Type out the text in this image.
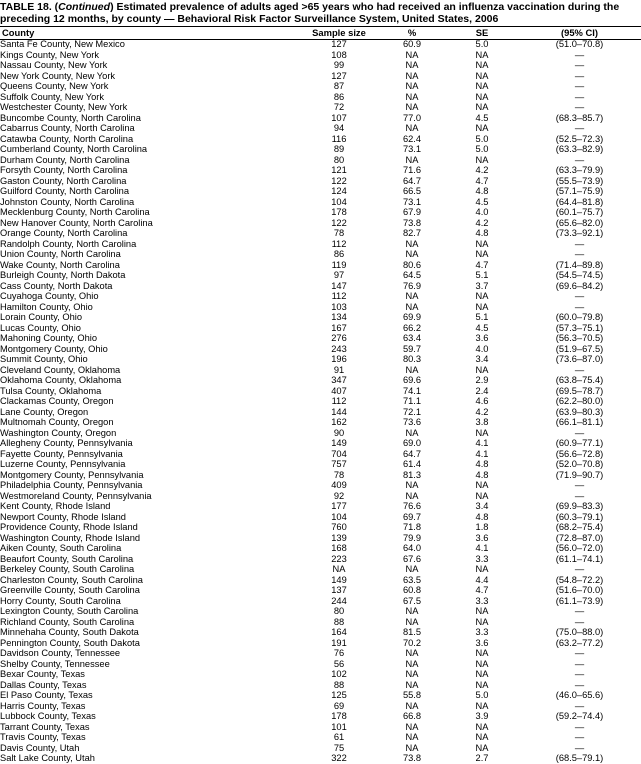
TABLE 18. (Continued) Estimated prevalence of adults aged >65 years who had received an influenza vaccination during the
preceding 12 months, by county — Behavioral Risk Factor Surveillance System, United States, 2006
County	Sample size	%	SE	(95% CI)
Santa Fe County, New Mexico	127	60.9	5.0	(51.0–70.8)
Kings County, New York	108	NA	NA	—
Nassau County, New York	99	NA	NA	—
New York County, New York	127	NA	NA	—
Queens County, New York	87	NA	NA	—
Suffolk County, New York	86	NA	NA	—
Westchester County, New York	72	NA	NA	—
Buncombe County, North Carolina	107	77.0	4.5	(68.3–85.7)
Cabarrus County, North Carolina	94	NA	NA	—
Catawba County, North Carolina	116	62.4	5.0	(52.5–72.3)
Cumberland County, North Carolina	89	73.1	5.0	(63.3–82.9)
Durham County, North Carolina	80	NA	NA	—
Forsyth County, North Carolina	121	71.6	4.2	(63.3–79.9)
Gaston County, North Carolina	122	64.7	4.7	(55.5–73.9)
Guilford County, North Carolina	124	66.5	4.8	(57.1–75.9)
Johnston County, North Carolina	104	73.1	4.5	(64.4–81.8)
Mecklenburg County, North Carolina	178	67.9	4.0	(60.1–75.7)
New Hanover County, North Carolina	122	73.8	4.2	(65.6–82.0)
Orange County, North Carolina	78	82.7	4.8	(73.3–92.1)
Randolph County, North Carolina	112	NA	NA	—
Union County, North Carolina	86	NA	NA	—
Wake County, North Carolina	119	80.6	4.7	(71.4–89.8)
Burleigh County, North Dakota	97	64.5	5.1	(54.5–74.5)
Cass County, North Dakota	147	76.9	3.7	(69.6–84.2)
Cuyahoga County, Ohio	112	NA	NA	—
Hamilton County, Ohio	103	NA	NA	—
Lorain County, Ohio	134	69.9	5.1	(60.0–79.8)
Lucas County, Ohio	167	66.2	4.5	(57.3–75.1)
Mahoning County, Ohio	276	63.4	3.6	(56.3–70.5)
Montgomery County, Ohio	243	59.7	4.0	(51.9–67.5)
Summit County, Ohio	196	80.3	3.4	(73.6–87.0)
Cleveland County, Oklahoma	91	NA	NA	—
Oklahoma County, Oklahoma	347	69.6	2.9	(63.8–75.4)
Tulsa County, Oklahoma	407	74.1	2.4	(69.5–78.7)
Clackamas County, Oregon	112	71.1	4.6	(62.2–80.0)
Lane County, Oregon	144	72.1	4.2	(63.9–80.3)
Multnomah County, Oregon	162	73.6	3.8	(66.1–81.1)
Washington County, Oregon	90	NA	NA	—
Allegheny County, Pennsylvania	149	69.0	4.1	(60.9–77.1)
Fayette County, Pennsylvania	704	64.7	4.1	(56.6–72.8)
Luzerne County, Pennsylvania	757	61.4	4.8	(52.0–70.8)
Montgomery County, Pennsylvania	78	81.3	4.8	(71.9–90.7)
Philadelphia County, Pennsylvania	409	NA	NA	—
Westmoreland County, Pennsylvania	92	NA	NA	—
Kent County, Rhode Island	177	76.6	3.4	(69.9–83.3)
Newport County, Rhode Island	104	69.7	4.8	(60.3–79.1)
Providence County, Rhode Island	760	71.8	1.8	(68.2–75.4)
Washington County, Rhode Island	139	79.9	3.6	(72.8–87.0)
Aiken County, South Carolina	168	64.0	4.1	(56.0–72.0)
Beaufort County, South Carolina	223	67.6	3.3	(61.1–74.1)
Berkeley County, South Carolina	NA	NA	NA	—
Charleston County, South Carolina	149	63.5	4.4	(54.8–72.2)
Greenville County, South Carolina	137	60.8	4.7	(51.6–70.0)
Horry County, South Carolina	244	67.5	3.3	(61.1–73.9)
Lexington County, South Carolina	80	NA	NA	—
Richland County, South Carolina	88	NA	NA	—
Minnehaha County, South Dakota	164	81.5	3.3	(75.0–88.0)
Pennington County, South Dakota	191	70.2	3.6	(63.2–77.2)
Davidson County, Tennessee	76	NA	NA	—
Shelby County, Tennessee	56	NA	NA	—
Bexar County, Texas	102	NA	NA	—
Dallas County, Texas	88	NA	NA	—
El Paso County, Texas	125	55.8	5.0	(46.0–65.6)
Harris County, Texas	69	NA	NA	—
Lubbock County, Texas	178	66.8	3.9	(59.2–74.4)
Tarrant County, Texas	101	NA	NA	—
Travis County, Texas	61	NA	NA	—
Davis County, Utah	75	NA	NA	—
Salt Lake County, Utah	322	73.8	2.7	(68.5–79.1)
